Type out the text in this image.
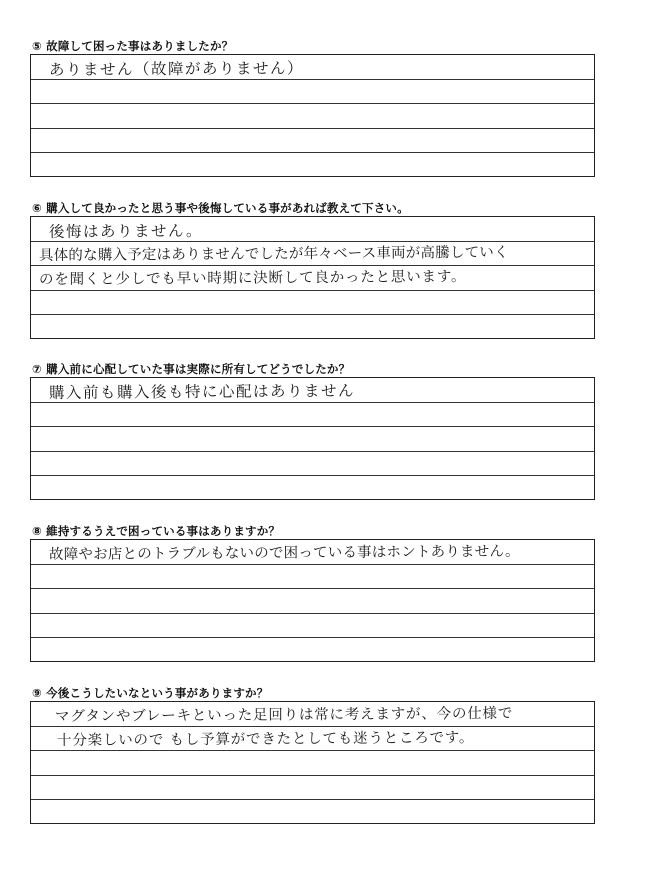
⑤ 故障して困った事はありましたか？
ありません（故障がありません）
⑥ 購入して良かったと思う事や後悔している事があれば教えて下さい。
後悔はありません。
具体的な購入予定はありませんでしたが年々ベース車両が高騰していく
のを聞くと少しでも早い時期に決断して良かったと思います。
⑦ 購入前に心配していた事は実際に所有してどうでしたか？
購入前も購入後も特に心配はありません
⑧ 維持するうえで困っている事はありますか？
故障やお店とのトラブルもないので困っている事はホントありません。
⑨ 今後こうしたいなという事がありますか？
マグタンやブレーキといった足回りは常に考えますが、今の仕様で
十分楽しいので もし予算ができたとしても迷うところです。
